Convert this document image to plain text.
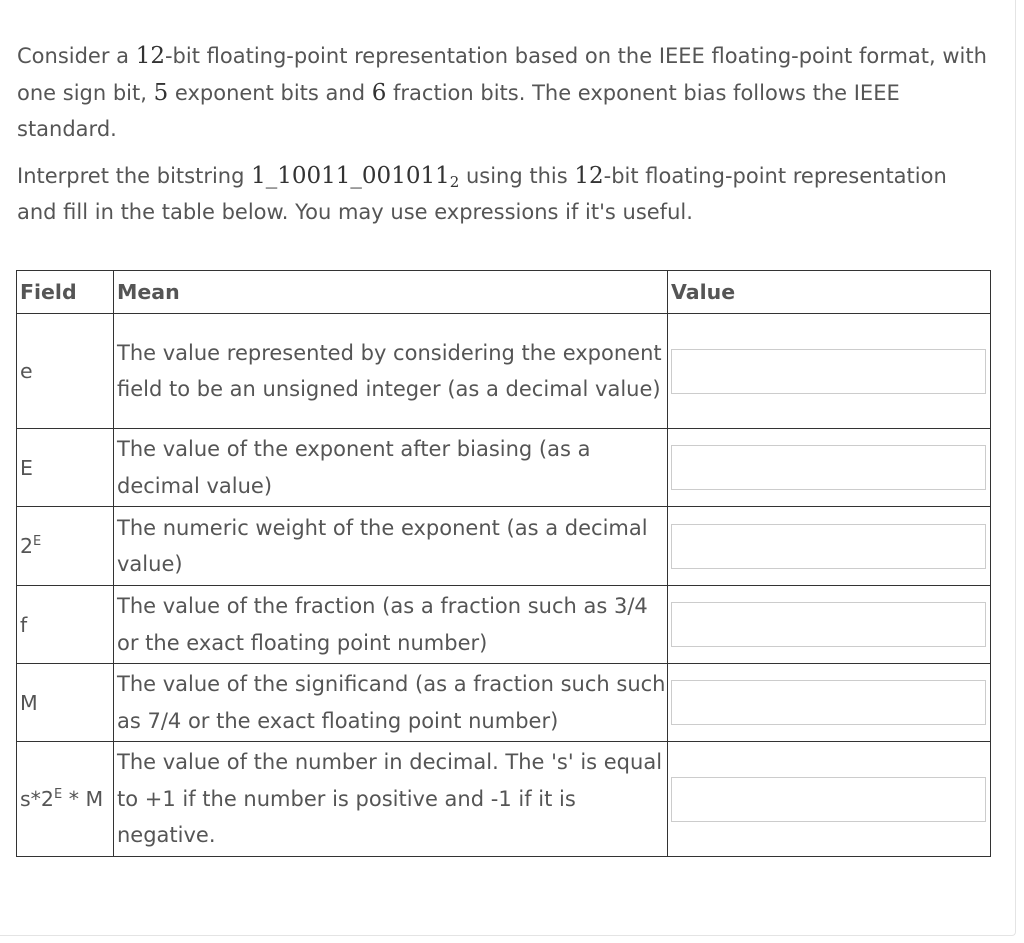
Consider a 12-bit floating-point representation based on the IEEE floating-point format, with one sign bit, 5 exponent bits and 6 fraction bits. The exponent bias follows the IEEE standard.

Interpret the bitstring $1\_10011\_001011_2$ using this 12-bit floating-point representation and fill in the table below. You may use expressions if it's useful.

Field	Mean	Value
e	The value represented by considering the exponent field to be an unsigned integer (as a decimal value)	
E	The value of the exponent after biasing (as a decimal value)	
$2^E$	The numeric weight of the exponent (as a decimal value)	
f	The value of the fraction (as a fraction such as 3/4 or the exact floating point number)	
M	The value of the significand (as a fraction such such as 7/4 or the exact floating point number)	
$s*2^E$ * M	The value of the number in decimal. The 's' is equal to +1 if the number is positive and -1 if it is negative.	
